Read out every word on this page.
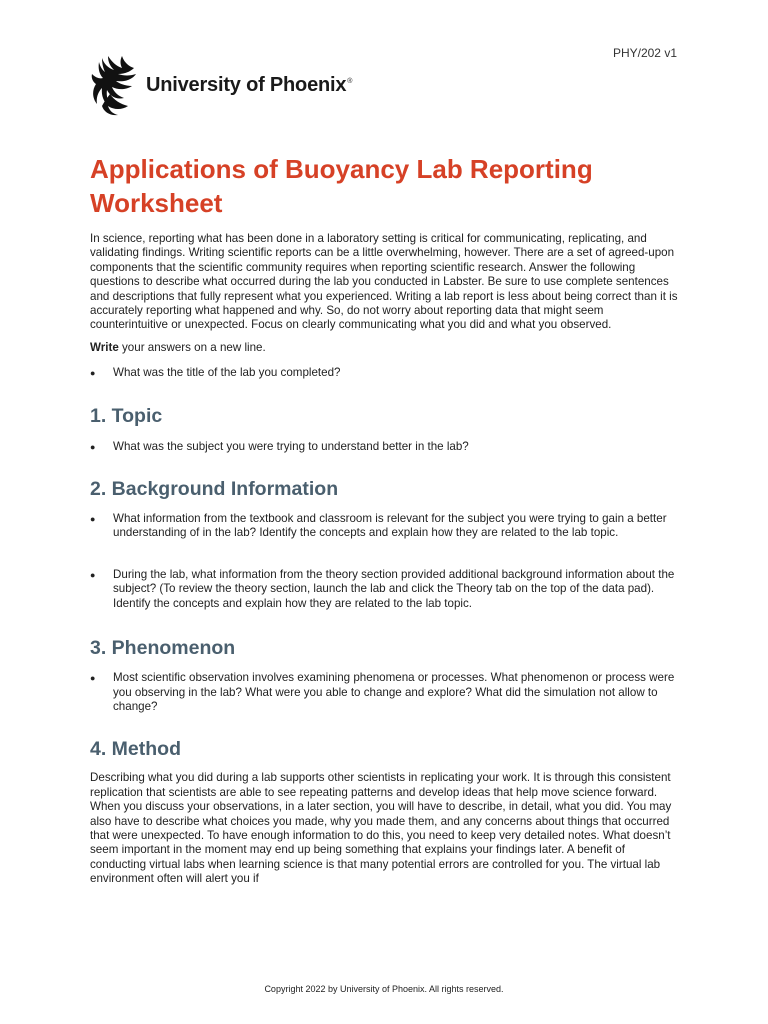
PHY/202 v1
University of Phoenix®
Applications of Buoyancy Lab Reporting Worksheet

In science, reporting what has been done in a laboratory setting is critical for communicating, replicating, and validating findings. Writing scientific reports can be a little overwhelming, however. There are a set of agreed-upon components that the scientific community requires when reporting scientific research. Answer the following questions to describe what occurred during the lab you conducted in Labster. Be sure to use complete sentences and descriptions that fully represent what you experienced. Writing a lab report is less about being correct than it is accurately reporting what happened and why. So, do not worry about reporting data that might seem counterintuitive or unexpected. Focus on clearly communicating what you did and what you observed.

Write your answers on a new line.

●	What was the title of the lab you completed?
1. Topic
●	What was the subject you were trying to understand better in the lab?
2. Background Information
●	What information from the textbook and classroom is relevant for the subject you were trying to gain a better understanding of in the lab? Identify the concepts and explain how they are related to the lab topic.
●	During the lab, what information from the theory section provided additional background information about the subject? (To review the theory section, launch the lab and click the Theory tab on the top of the data pad). Identify the concepts and explain how they are related to the lab topic.
3. Phenomenon
●	Most scientific observation involves examining phenomena or processes. What phenomenon or process were you observing in the lab? What were you able to change and explore? What did the simulation not allow to change?
4. Method

Describing what you did during a lab supports other scientists in replicating your work. It is through this consistent replication that scientists are able to see repeating patterns and develop ideas that help move science forward. When you discuss your observations, in a later section, you will have to describe, in detail, what you did. You may also have to describe what choices you made, why you made them, and any concerns about things that occurred that were unexpected. To have enough information to do this, you need to keep very detailed notes. What doesn’t seem important in the moment may end up being something that explains your findings later. A benefit of conducting virtual labs when learning science is that many potential errors are controlled for you. The virtual lab environment often will alert you if

Copyright 2022 by University of Phoenix. All rights reserved.
